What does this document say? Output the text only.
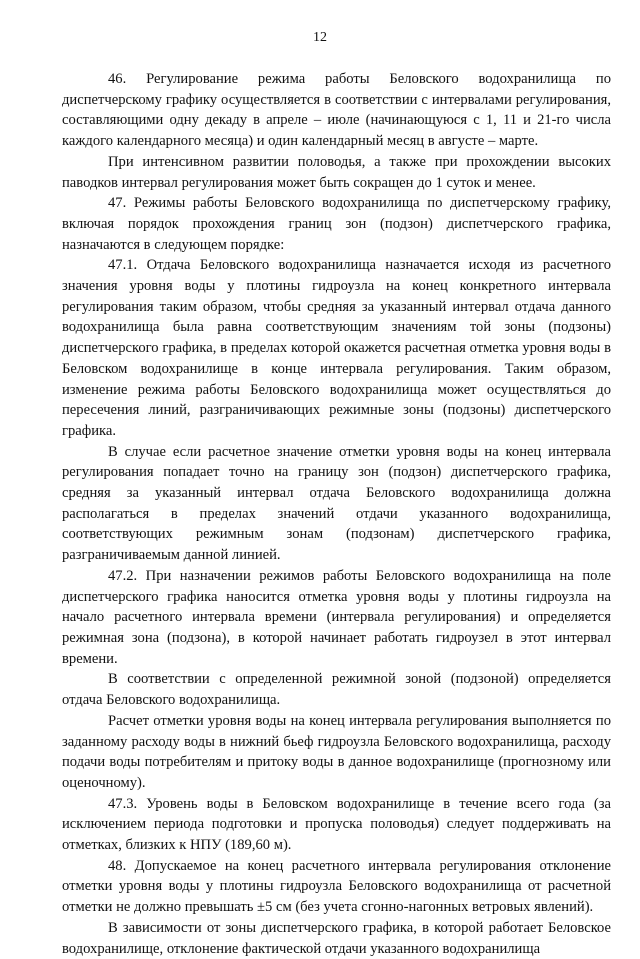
12

46. Регулирование режима работы Беловского водохранилища по диспетчерскому графику осуществляется в соответствии с интервалами регулирования, составляющими одну декаду в апреле – июле (начинающуюся с 1, 11 и 21-го числа каждого календарного месяца) и один календарный месяц в августе – марте.

При интенсивном развитии половодья, а также при прохождении высоких паводков интервал регулирования может быть сокращен до 1 суток и менее.

47. Режимы работы Беловского водохранилища по диспетчерскому графику, включая порядок прохождения границ зон (подзон) диспетчерского графика, назначаются в следующем порядке:

47.1. Отдача Беловского водохранилища назначается исходя из расчетного значения уровня воды у плотины гидроузла на конец конкретного интервала регулирования таким образом, чтобы средняя за указанный интервал отдача данного водохранилища была равна соответствующим значениям той зоны (подзоны) диспетчерского графика, в пределах которой окажется расчетная отметка уровня воды в Беловском водохранилище в конце интервала регулирования. Таким образом, изменение режима работы Беловского водохранилища может осуществляться до пересечения линий, разграничивающих режимные зоны (подзоны) диспетчерского графика.

В случае если расчетное значение отметки уровня воды на конец интервала регулирования попадает точно на границу зон (подзон) диспетчерского графика, средняя за указанный интервал отдача Беловского водохранилища должна располагаться в пределах значений отдачи указанного водохранилища, соответствующих режимным зонам (подзонам) диспетчерского графика, разграничиваемым данной линией.

47.2. При назначении режимов работы Беловского водохранилища на поле диспетчерского графика наносится отметка уровня воды у плотины гидроузла на начало расчетного интервала времени (интервала регулирования) и определяется режимная зона (подзона), в которой начинает работать гидроузел в этот интервал времени.

В соответствии с определенной режимной зоной (подзоной) определяется отдача Беловского водохранилища.

Расчет отметки уровня воды на конец интервала регулирования выполняется по заданному расходу воды в нижний бьеф гидроузла Беловского водохранилища, расходу подачи воды потребителям и притоку воды в данное водохранилище (прогнозному или оценочному).

47.3. Уровень воды в Беловском водохранилище в течение всего года (за исключением периода подготовки и пропуска половодья) следует поддерживать на отметках, близких к НПУ (189,60 м).

48. Допускаемое на конец расчетного интервала регулирования отклонение отметки уровня воды у плотины гидроузла Беловского водохранилища от расчетной отметки не должно превышать ±5 см (без учета сгонно-нагонных ветровых явлений).

В зависимости от зоны диспетчерского графика, в которой работает Беловское водохранилище, отклонение фактической отдачи указанного водохранилища
